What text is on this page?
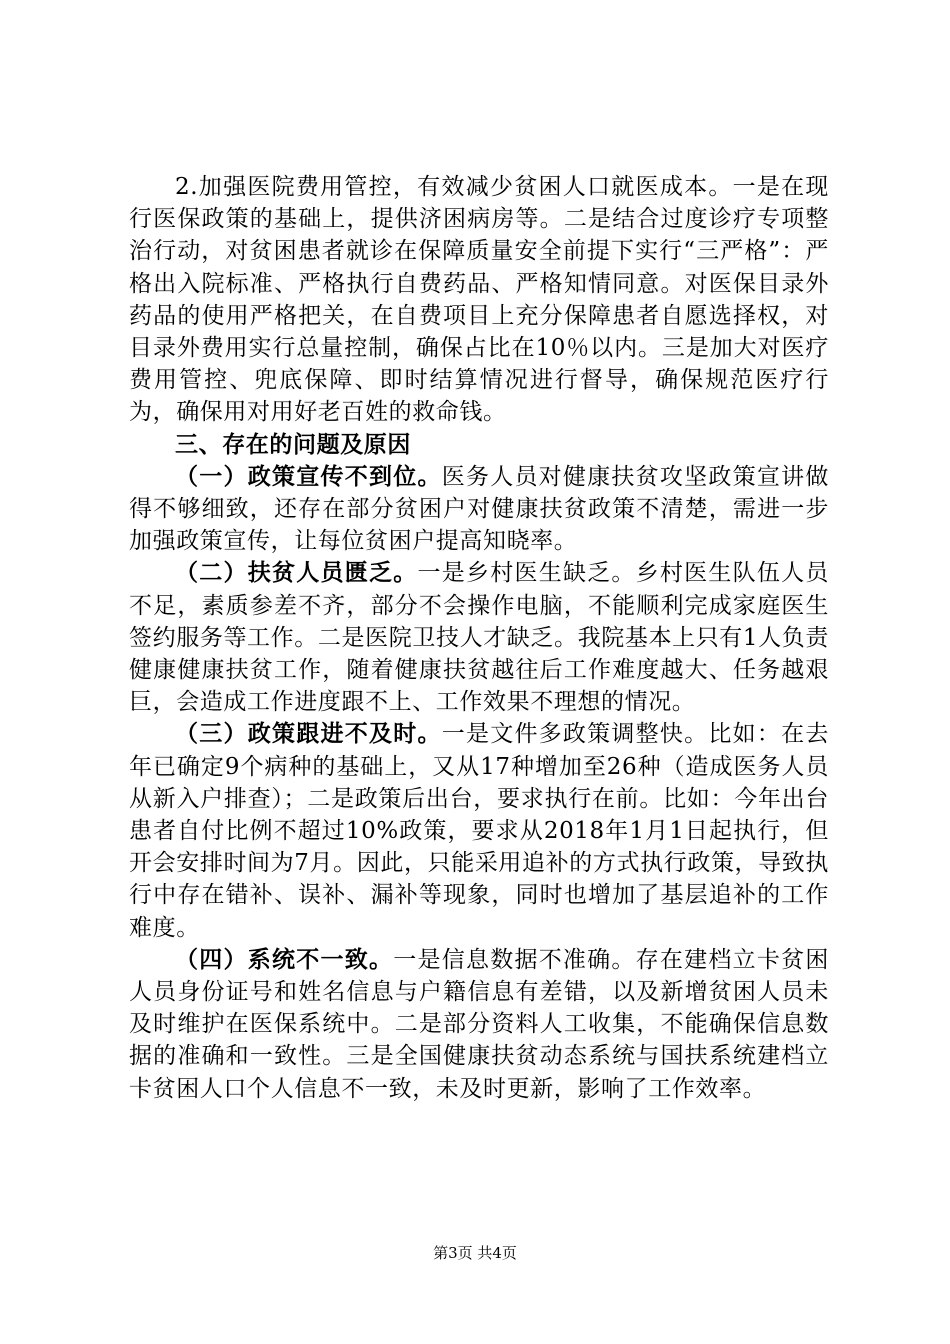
2.加强医院费用管控，有效减少贫困人口就医成本。一是在现行医保政策的基础上，提供济困病房等。二是结合过度诊疗专项整治行动，对贫困患者就诊在保障质量安全前提下实行“三严格”：严格出入院标准、严格执行自费药品、严格知情同意。对医保目录外药品的使用严格把关，在自费项目上充分保障患者自愿选择权，对目录外费用实行总量控制，确保占比在10％以内。三是加大对医疗费用管控、兜底保障、即时结算情况进行督导，确保规范医疗行为，确保用对用好老百姓的救命钱。

三、存在的问题及原因

（一）政策宣传不到位。医务人员对健康扶贫攻坚政策宣讲做得不够细致，还存在部分贫困户对健康扶贫政策不清楚，需进一步加强政策宣传，让每位贫困户提高知晓率。

（二）扶贫人员匮乏。一是乡村医生缺乏。乡村医生队伍人员不足，素质参差不齐，部分不会操作电脑，不能顺利完成家庭医生签约服务等工作。二是医院卫技人才缺乏。我院基本上只有1人负责健康健康扶贫工作，随着健康扶贫越往后工作难度越大、任务越艰巨，会造成工作进度跟不上、工作效果不理想的情况。

（三）政策跟进不及时。一是文件多政策调整快。比如：在去年已确定9个病种的基础上，又从17种增加至26种（造成医务人员从新入户排查）；二是政策后出台，要求执行在前。比如：今年出台患者自付比例不超过10%政策，要求从2018年1月1日起执行，但开会安排时间为7月。因此，只能采用追补的方式执行政策，导致执行中存在错补、误补、漏补等现象，同时也增加了基层追补的工作难度。

（四）系统不一致。一是信息数据不准确。存在建档立卡贫困人员身份证号和姓名信息与户籍信息有差错，以及新增贫困人员未及时维护在医保系统中。二是部分资料人工收集，不能确保信息数据的准确和一致性。三是全国健康扶贫动态系统与国扶系统建档立卡贫困人口个人信息不一致，未及时更新，影响了工作效率。

第3页 共4页
